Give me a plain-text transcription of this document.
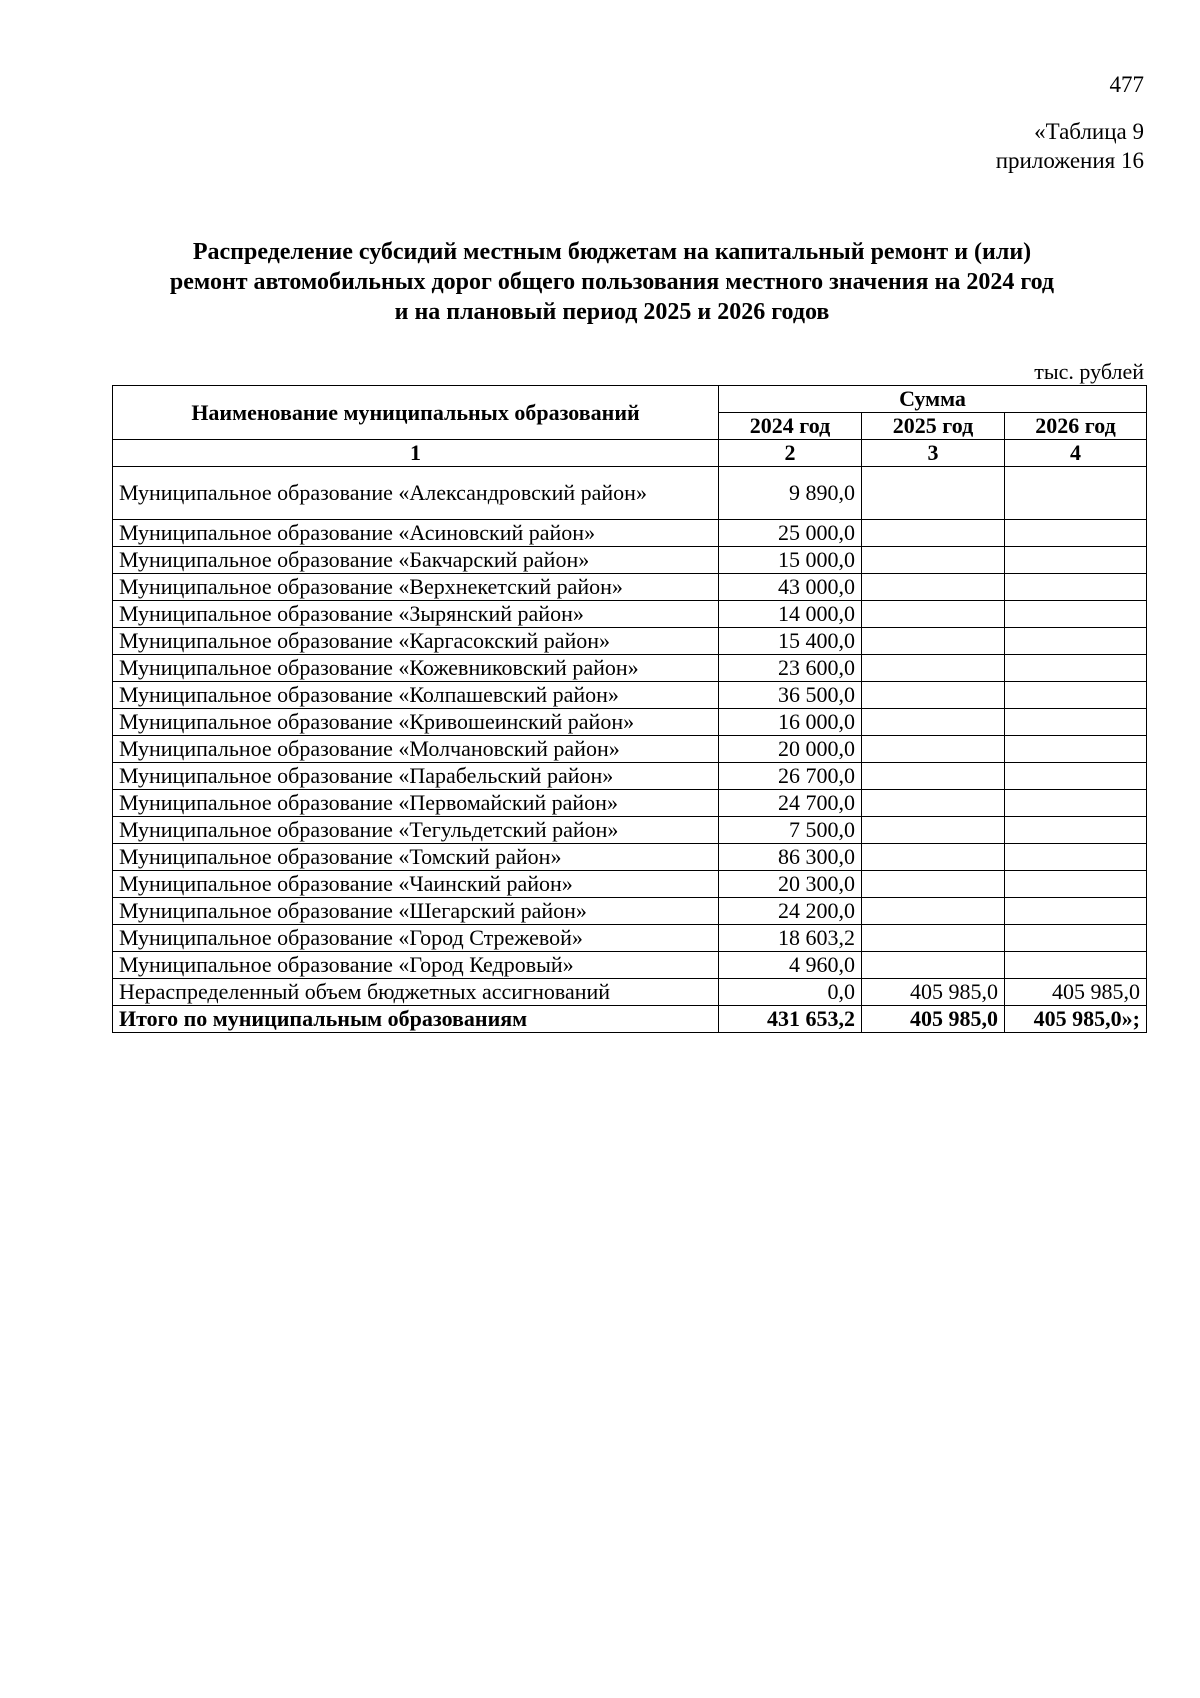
477
«Таблица 9
приложения 16
Распределение субсидий местным бюджетам на капитальный ремонт и (или)
ремонт автомобильных дорог общего пользования местного значения на 2024 год
и на плановый период 2025 и 2026 годов
тыс. рублей
Наименование муниципальных образований	Сумма		
	2024 год	2025 год	2026 год
1	2	3	4
Муниципальное образование «Александровский район»	9 890,0		
Муниципальное образование «Асиновский район»	25 000,0		
Муниципальное образование «Бакчарский район»	15 000,0		
Муниципальное образование «Верхнекетский район»	43 000,0		
Муниципальное образование «Зырянский район»	14 000,0		
Муниципальное образование «Каргасокский район»	15 400,0		
Муниципальное образование «Кожевниковский район»	23 600,0		
Муниципальное образование «Колпашевский район»	36 500,0		
Муниципальное образование «Кривошеинский район»	16 000,0		
Муниципальное образование «Молчановский район»	20 000,0		
Муниципальное образование «Парабельский район»	26 700,0		
Муниципальное образование «Первомайский район»	24 700,0		
Муниципальное образование «Тегульдетский район»	7 500,0		
Муниципальное образование «Томский район»	86 300,0		
Муниципальное образование «Чаинский район»	20 300,0		
Муниципальное образование «Шегарский район»	24 200,0		
Муниципальное образование «Город Стрежевой»	18 603,2		
Муниципальное образование «Город Кедровый»	4 960,0		
Нераспределенный объем бюджетных ассигнований	0,0	405 985,0	405 985,0
Итого по муниципальным образованиям	431 653,2	405 985,0	405 985,0»;
